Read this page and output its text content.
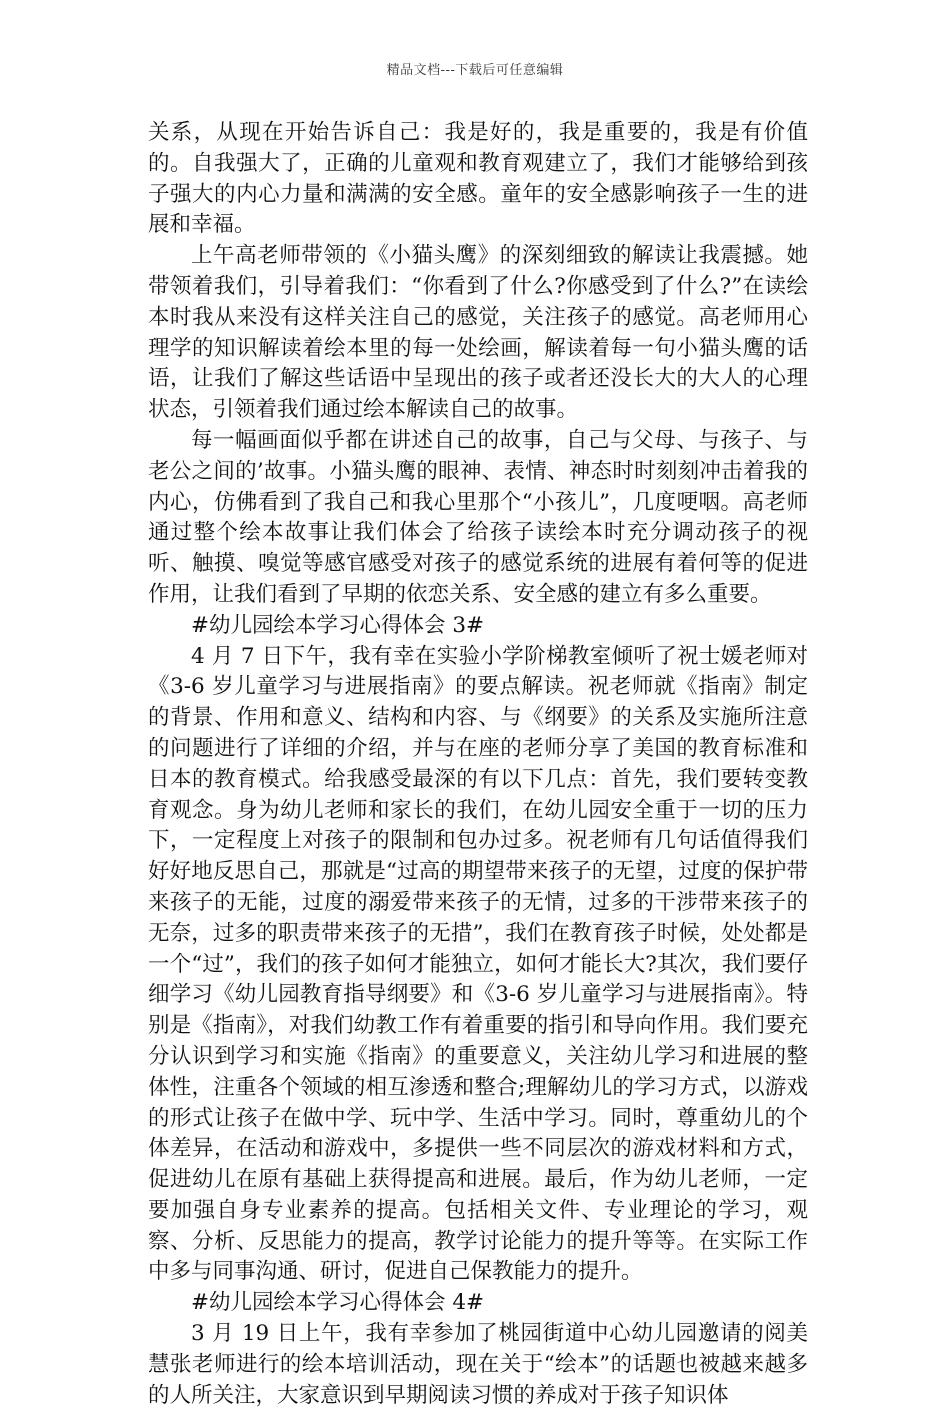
精品文档---下载后可任意编辑

关系，从现在开始告诉自己：我是好的，我是重要的，我是有价值的。自我强大了，正确的儿童观和教育观建立了，我们才能够给到孩子强大的内心力量和满满的安全感。童年的安全感影响孩子一生的进展和幸福。

上午高老师带领的《小猫头鹰》的深刻细致的解读让我震撼。她带领着我们，引导着我们：“你看到了什么?你感受到了什么?”在读绘本时我从来没有这样关注自己的感觉，关注孩子的感觉。高老师用心理学的知识解读着绘本里的每一处绘画，解读着每一句小猫头鹰的话语，让我们了解这些话语中呈现出的孩子或者还没长大的大人的心理状态，引领着我们通过绘本解读自己的故事。

每一幅画面似乎都在讲述自己的故事，自己与父母、与孩子、与老公之间的’故事。小猫头鹰的眼神、表情、神态时时刻刻冲击着我的内心，仿佛看到了我自己和我心里那个“小孩儿”，几度哽咽。高老师通过整个绘本故事让我们体会了给孩子读绘本时充分调动孩子的视听、触摸、嗅觉等感官感受对孩子的感觉系统的进展有着何等的促进作用，让我们看到了早期的依恋关系、安全感的建立有多么重要。

#幼儿园绘本学习心得体会 3#

4 月 7 日下午，我有幸在实验小学阶梯教室倾听了祝士媛老师对《3-6 岁儿童学习与进展指南》的要点解读。祝老师就《指南》制定的背景、作用和意义、结构和内容、与《纲要》的关系及实施所注意的问题进行了详细的介绍，并与在座的老师分享了美国的教育标准和日本的教育模式。给我感受最深的有以下几点：首先，我们要转变教育观念。身为幼儿老师和家长的我们，在幼儿园安全重于一切的压力下，一定程度上对孩子的限制和包办过多。祝老师有几句话值得我们好好地反思自己，那就是“过高的期望带来孩子的无望，过度的保护带来孩子的无能，过度的溺爱带来孩子的无情，过多的干涉带来孩子的无奈，过多的职责带来孩子的无措”，我们在教育孩子时候，处处都是一个“过”，我们的孩子如何才能独立，如何才能长大?其次，我们要仔细学习《幼儿园教育指导纲要》和《3-6 岁儿童学习与进展指南》。特别是《指南》，对我们幼教工作有着重要的指引和导向作用。我们要充分认识到学习和实施《指南》的重要意义，关注幼儿学习和进展的整体性，注重各个领域的相互渗透和整合;理解幼儿的学习方式，以游戏的形式让孩子在做中学、玩中学、生活中学习。同时，尊重幼儿的个体差异，在活动和游戏中，多提供一些不同层次的游戏材料和方式，促进幼儿在原有基础上获得提高和进展。最后，作为幼儿老师，一定要加强自身专业素养的提高。包括相关文件、专业理论的学习，观察、分析、反思能力的提高，教学讨论能力的提升等等。在实际工作中多与同事沟通、研讨，促进自己保教能力的提升。

#幼儿园绘本学习心得体会 4#

3 月 19 日上午，我有幸参加了桃园街道中心幼儿园邀请的阅美慧张老师进行的绘本培训活动，现在关于“绘本”的话题也被越来越多的人所关注，大家意识到早期阅读习惯的养成对于孩子知识体
